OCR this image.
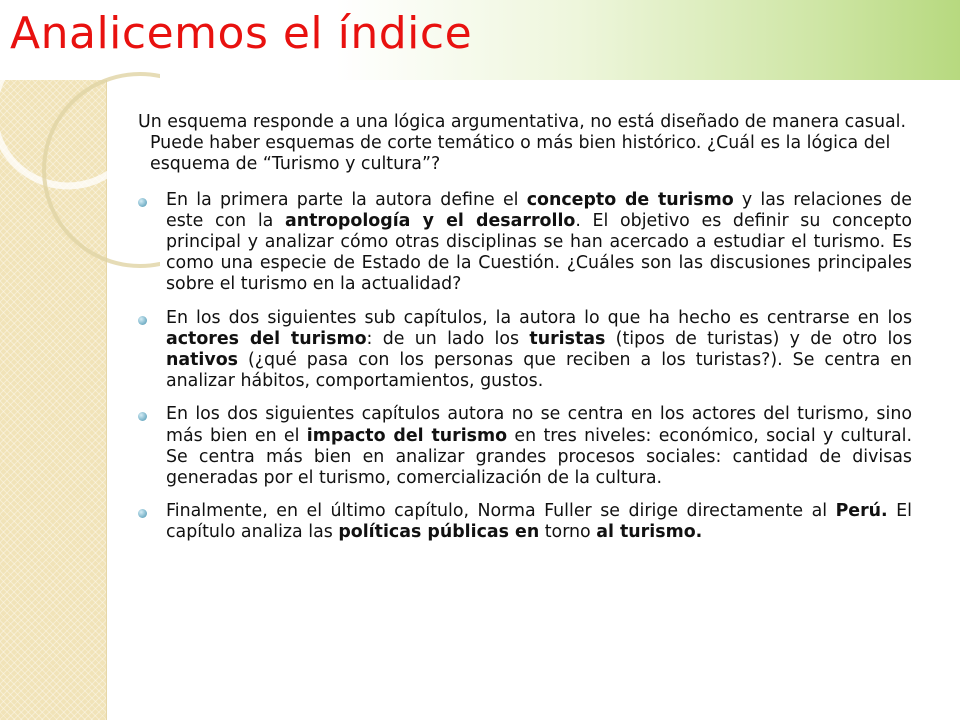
Analicemos el índice

Un esquema responde a una lógica argumentativa, no está diseñado de manera casual. Puede haber esquemas de corte temático o más bien histórico. ¿Cuál es la lógica del esquema de “Turismo y cultura”?

En la primera parte la autora define el concepto de turismo y las relaciones de este con la antropología y el desarrollo. El objetivo es definir su concepto principal y analizar cómo otras disciplinas se han acercado a estudiar el turismo. Es como una especie de Estado de la Cuestión. ¿Cuáles son las discusiones principales sobre el turismo en la actualidad?
En los dos siguientes sub capítulos, la autora lo que ha hecho es centrarse en los actores del turismo: de un lado los turistas (tipos de turistas) y de otro los nativos (¿qué pasa con los personas que reciben a los turistas?). Se centra en analizar hábitos, comportamientos, gustos.
En los dos siguientes capítulos autora no se centra en los actores del turismo, sino más bien en el impacto del turismo en tres niveles: económico, social y cultural. Se centra más bien en analizar grandes procesos sociales: cantidad de divisas generadas por el turismo, comercialización de la cultura.
Finalmente, en el último capítulo, Norma Fuller se dirige directamente al Perú. El capítulo analiza las políticas públicas en torno al turismo.
